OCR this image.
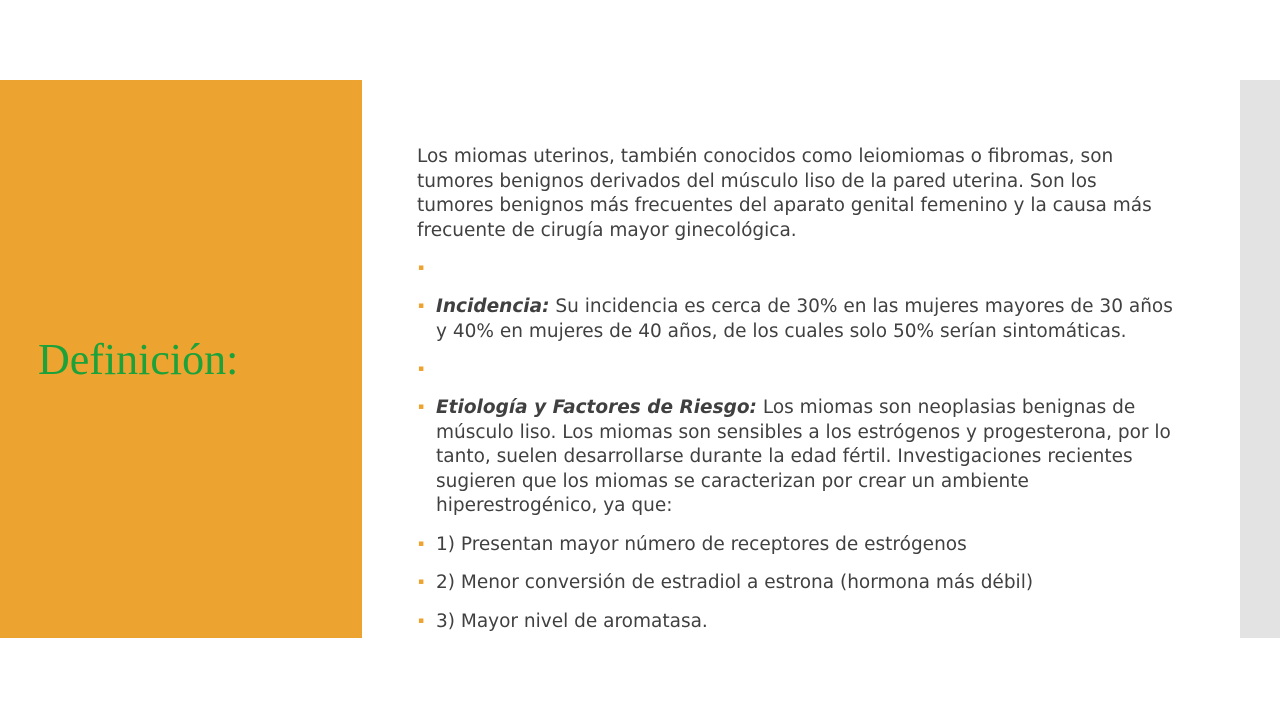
Definición:

Los miomas uterinos, también conocidos como leiomiomas o fibromas, son tumores benignos derivados del músculo liso de la pared uterina. Son los tumores benignos más frecuentes del aparato genital femenino y la causa más frecuente de cirugía mayor ginecológica.

▪
▪ Incidencia: Su incidencia es cerca de 30% en las mujeres mayores de 30 años y 40% en mujeres de 40 años, de los cuales solo 50% serían sintomáticas.
▪
▪ Etiología y Factores de Riesgo: Los miomas son neoplasias benignas de músculo liso. Los miomas son sensibles a los estrógenos y progesterona, por lo tanto, suelen desarrollarse durante la edad fértil. Investigaciones recientes sugieren que los miomas se caracterizan por crear un ambiente hiperestrogénico, ya que:
▪ 1) Presentan mayor número de receptores de estrógenos
▪ 2) Menor conversión de estradiol a estrona (hormona más débil)
▪ 3) Mayor nivel de aromatasa.
